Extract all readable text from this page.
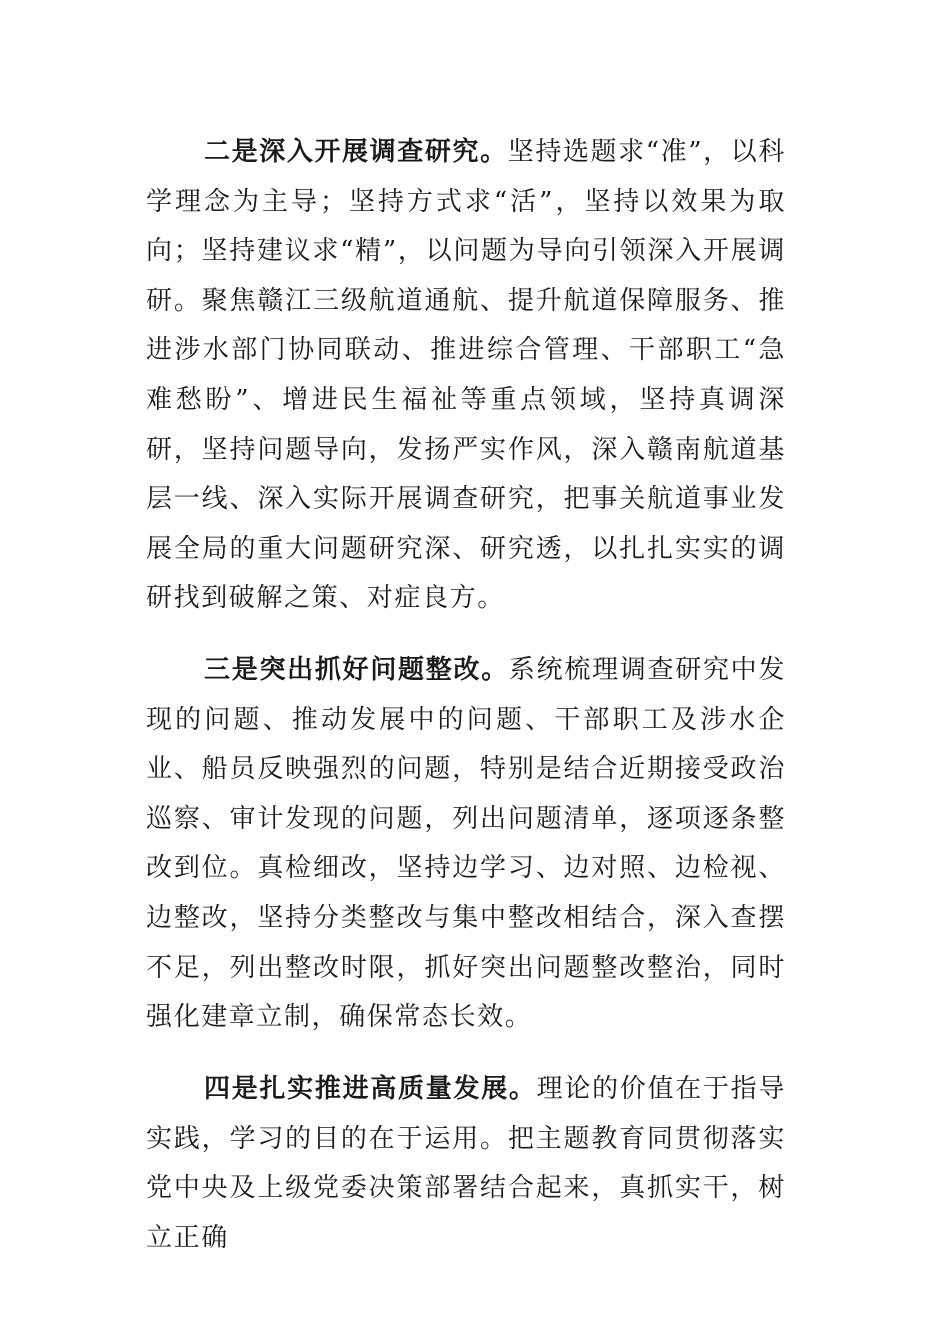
二是深入开展调查研究。坚持选题求“准”，以科学理念为主导；坚持方式求“活”，坚持以效果为取向；坚持建议求“精”，以问题为导向引领深入开展调研。聚焦赣江三级航道通航、提升航道保障服务、推进涉水部门协同联动、推进综合管理、干部职工“急难愁盼”、增进民生福祉等重点领域，坚持真调深研，坚持问题导向，发扬严实作风，深入赣南航道基层一线、深入实际开展调查研究，把事关航道事业发展全局的重大问题研究深、研究透，以扎扎实实的调研找到破解之策、对症良方。

三是突出抓好问题整改。系统梳理调查研究中发现的问题、推动发展中的问题、干部职工及涉水企业、船员反映强烈的问题，特别是结合近期接受政治巡察、审计发现的问题，列出问题清单，逐项逐条整改到位。真检细改，坚持边学习、边对照、边检视、边整改，坚持分类整改与集中整改相结合，深入查摆不足，列出整改时限，抓好突出问题整改整治，同时强化建章立制，确保常态长效。

四是扎实推进高质量发展。理论的价值在于指导实践，学习的目的在于运用。把主题教育同贯彻落实党中央及上级党委决策部署结合起来，真抓实干，树立正确
